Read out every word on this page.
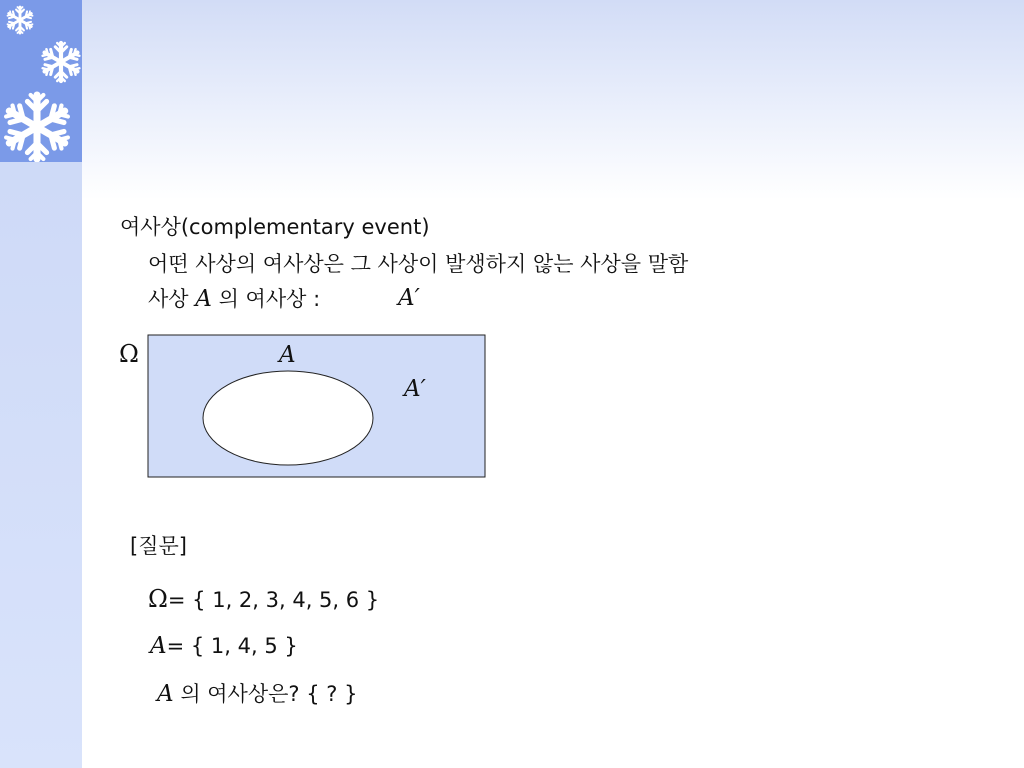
여사상(complementary event)
어떤 사상의 여사상은 그 사상이 발생하지 않는 사상을 말함
사상 A 의 여사상 :	A′
Ω	A
A′
[질문]
Ω= { 1, 2, 3, 4, 5, 6 }
A= { 1, 4, 5 }
A 의 여사상은? { ? }
